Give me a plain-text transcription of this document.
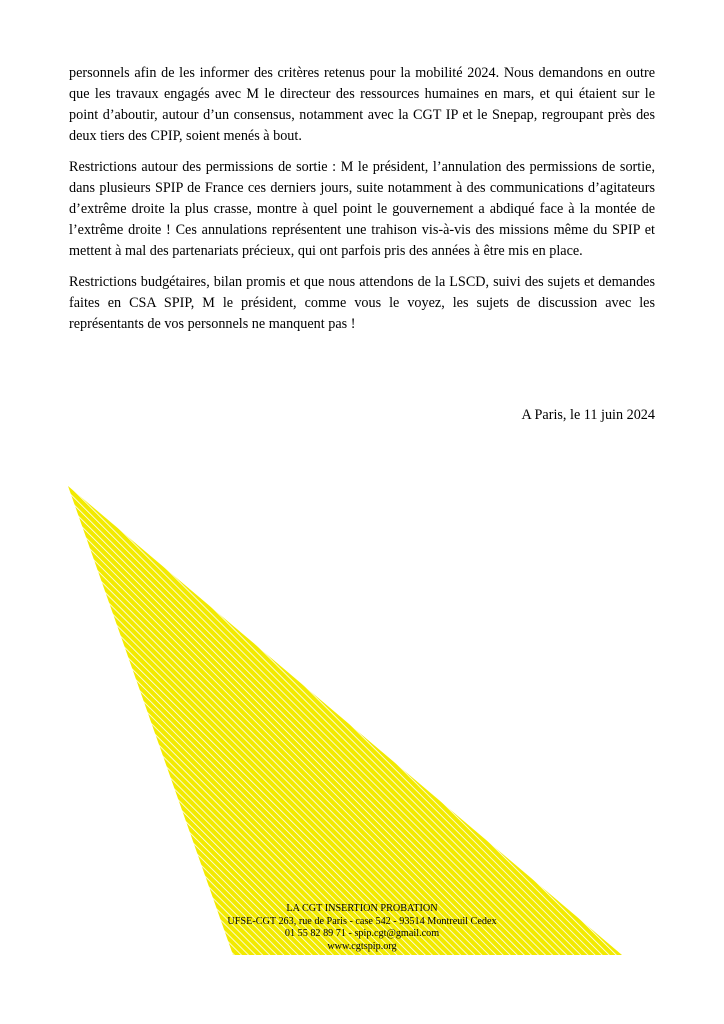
personnels afin de les informer des critères retenus pour la mobilité 2024. Nous demandons en outre que les travaux engagés avec M le directeur des ressources humaines en mars, et qui étaient sur le point d’aboutir, autour d’un consensus, notamment avec la CGT IP et le Snepap, regroupant près des deux tiers des CPIP, soient menés à bout.

Restrictions autour des permissions de sortie : M le président, l’annulation des permissions de sortie, dans plusieurs SPIP de France ces derniers jours, suite notamment à des communications d’agitateurs d’extrême droite la plus crasse, montre à quel point le gouvernement a abdiqué face à la montée de l’extrême droite ! Ces annulations représentent une trahison vis-à-vis des missions même du SPIP et mettent à mal des partenariats précieux, qui ont parfois pris des années à être mis en place.

Restrictions budgétaires, bilan promis et que nous attendons de la LSCD, suivi des sujets et demandes faites en CSA SPIP, M le président, comme vous le voyez, les sujets de discussion avec les représentants de vos personnels ne manquent pas !

A Paris, le 11 juin 2024
LA CGT INSERTION PROBATION
UFSE-CGT 263, rue de Paris - case 542 - 93514 Montreuil Cedex
01 55 82 89 71 - spip.cgt@gmail.com
www.cgtspip.org
